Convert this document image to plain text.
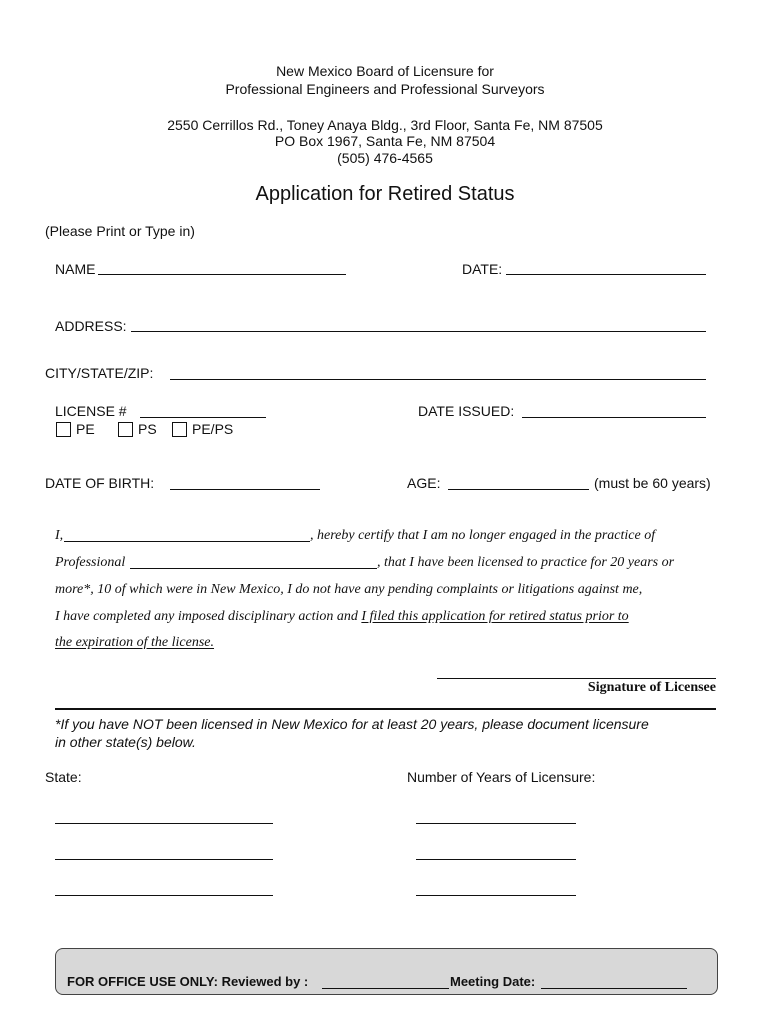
New Mexico Board of Licensure for
Professional Engineers and Professional Surveyors
2550 Cerrillos Rd., Toney Anaya Bldg., 3rd Floor, Santa Fe, NM 87505
PO Box 1967, Santa Fe, NM 87504
(505) 476-4565
Application for Retired Status
(Please Print or Type in)
NAME	DATE:
ADDRESS:
CITY/STATE/ZIP:
LICENSE #	DATE ISSUED:
PE	PS	PE/PS
DATE OF BIRTH:	AGE:	(must be 60 years)
I,	, hereby certify that I am no longer engaged in the practice of
Professional	, that I have been licensed to practice for 20 years or
more*, 10 of which were in New Mexico, I do not have any pending complaints or litigations against me,
I have completed any imposed disciplinary action and I filed this application for retired status prior to
the expiration of the license.
Signature of Licensee
*If you have NOT been licensed in New Mexico for at least 20 years, please document licensure
in other state(s) below.
State:	Number of Years of Licensure:
FOR OFFICE USE ONLY: Reviewed by :	Meeting Date:
